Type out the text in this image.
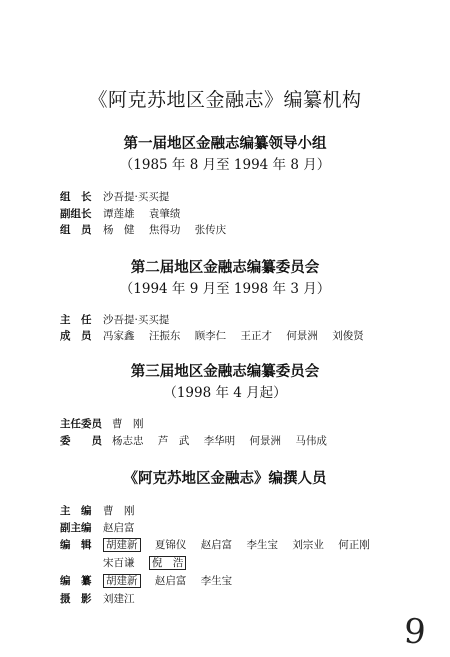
《阿克苏地区金融志》编纂机构
第一届地区金融志编纂领导小组
（1985 年 8 月至 1994 年 8 月）
组　长 沙吾提·买买提
副组长 谭莲雄 袁肇绩
组　员 杨　健 焦得功 张传庆
第二届地区金融志编纂委员会
（1994 年 9 月至 1998 年 3 月）
主　任 沙吾提·买买提
成　员 冯家鑫 汪振东 顾李仁 王正才 何景洲 刘俊贤
第三届地区金融志编纂委员会
（1998 年 4 月起）
主任委员 曹　刚
委　　员 杨志忠 芦　武 李华明 何景洲 马伟成
《阿克苏地区金融志》编撰人员
主　编 曹　刚
副主编 赵启富
编　辑 胡建新 夏锦仪 赵启富 李生宝 刘宗业 何正刚
宋百谦 倪　浩
编　纂 胡建新 赵启富 李生宝
摄　影 刘建江
9
